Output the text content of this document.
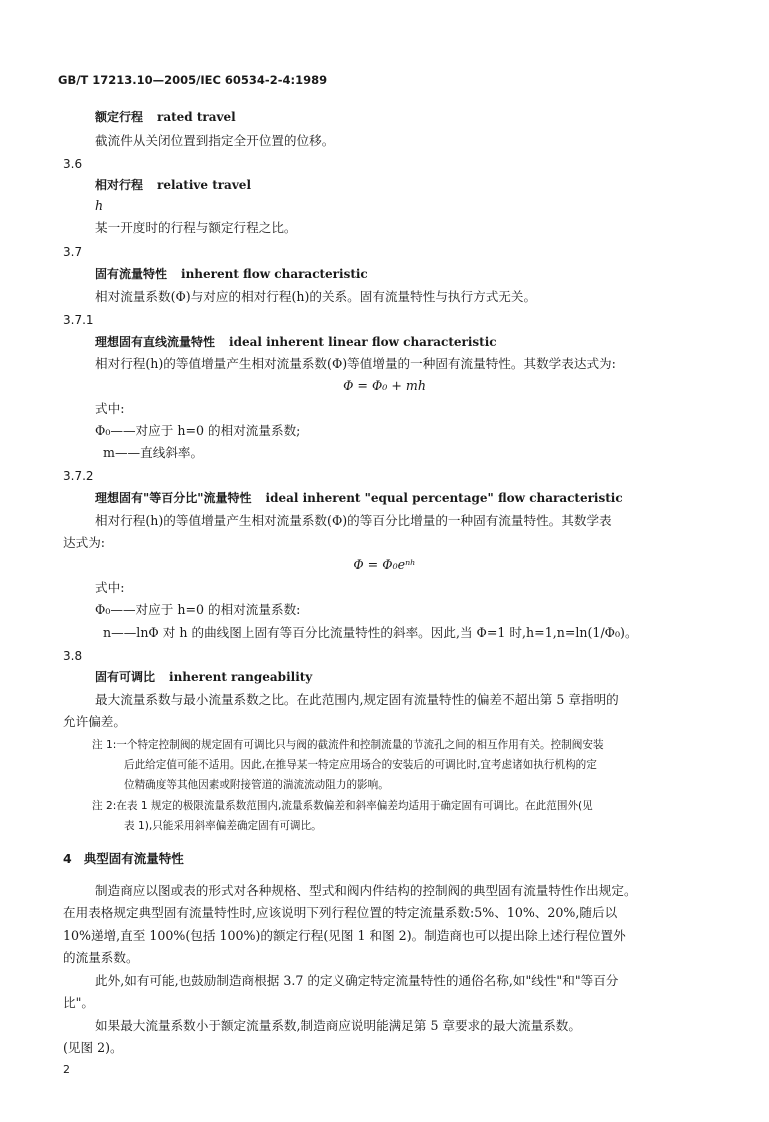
GB/T 17213.10—2005/IEC 60534-2-4:1989
额定行程 rated travel
截流件从关闭位置到指定全开位置的位移。
3.6
相对行程 relative travel
h
某一开度时的行程与额定行程之比。
3.7
固有流量特性 inherent flow characteristic
相对流量系数(Φ)与对应的相对行程(h)的关系。固有流量特性与执行方式无关。
3.7.1
理想固有直线流量特性 ideal inherent linear flow characteristic
相对行程(h)的等值增量产生相对流量系数(Φ)等值增量的一种固有流量特性。其数学表达式为:
Φ = Φ₀ + mh
式中:
Φ₀——对应于 h=0 的相对流量系数;
m——直线斜率。
3.7.2
理想固有"等百分比"流量特性 ideal inherent "equal percentage" flow characteristic
相对行程(h)的等值增量产生相对流量系数(Φ)的等百分比增量的一种固有流量特性。其数学表
达式为:
Φ = Φ₀eⁿʰ
式中:
Φ₀——对应于 h=0 的相对流量系数:
n——lnΦ 对 h 的曲线图上固有等百分比流量特性的斜率。因此,当 Φ=1 时,h=1,n=ln(1/Φ₀)。
3.8
固有可调比 inherent rangeability
最大流量系数与最小流量系数之比。在此范围内,规定固有流量特性的偏差不超出第 5 章指明的
允许偏差。
注 1:一个特定控制阀的规定固有可调比只与阀的截流件和控制流量的节流孔之间的相互作用有关。控制阀安装
后此给定值可能不适用。因此,在推导某一特定应用场合的安装后的可调比时,宜考虑诸如执行机构的定
位精确度等其他因素或附接管道的湍流流动阻力的影响。
注 2:在表 1 规定的极限流量系数范围内,流量系数偏差和斜率偏差均适用于确定固有可调比。在此范围外(见
表 1),只能采用斜率偏差确定固有可调比。
4 典型固有流量特性
制造商应以图或表的形式对各种规格、型式和阀内件结构的控制阀的典型固有流量特性作出规定。
在用表格规定典型固有流量特性时,应该说明下列行程位置的特定流量系数:5%、10%、20%,随后以
10%递增,直至 100%(包括 100%)的额定行程(见图 1 和图 2)。制造商也可以提出除上述行程位置外
的流量系数。
此外,如有可能,也鼓励制造商根据 3.7 的定义确定特定流量特性的通俗名称,如"线性"和"等百分
比"。
如果最大流量系数小于额定流量系数,制造商应说明能满足第 5 章要求的最大流量系数。
(见图 2)。
2
